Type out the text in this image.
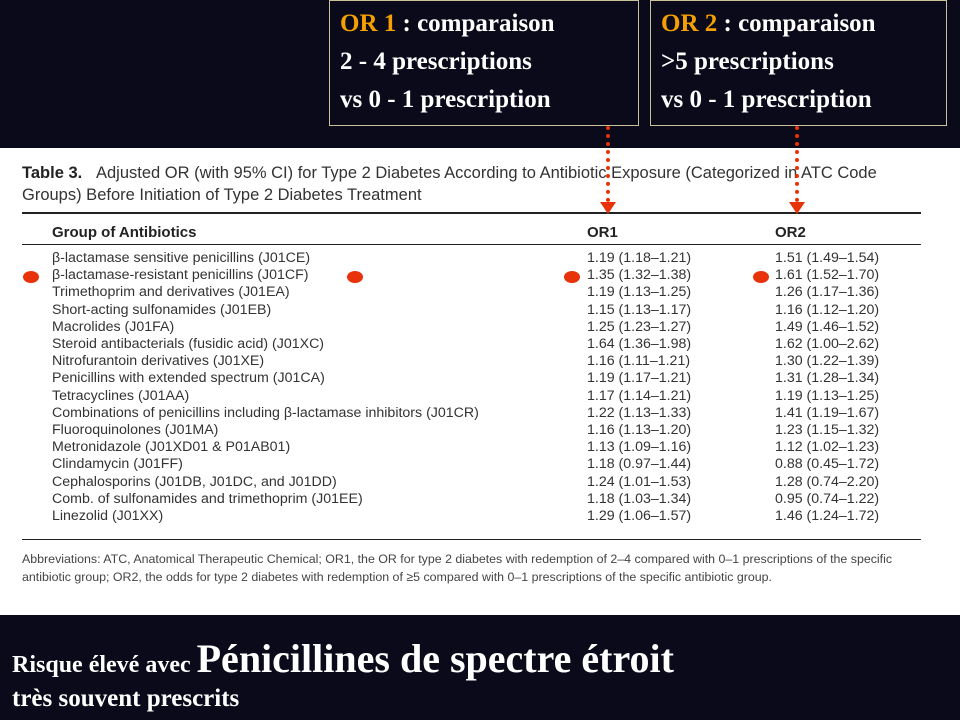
OR 1 : comparaison
2 - 4 prescriptions
vs 0 - 1 prescription
OR 2 : comparaison
>5 prescriptions
vs 0 - 1 prescription
Table 3. Adjusted OR (with 95% CI) for Type 2 Diabetes According to Antibiotic Exposure (Categorized in ATC Code Groups) Before Initiation of Type 2 Diabetes Treatment
Group of Antibiotics	OR1	OR2
β-lactamase sensitive penicillins (J01CE)	1.19 (1.18–1.21)	1.51 (1.49–1.54)
β-lactamase-resistant penicillins (J01CF)	1.35 (1.32–1.38)	1.61 (1.52–1.70)
Trimethoprim and derivatives (J01EA)	1.19 (1.13–1.25)	1.26 (1.17–1.36)
Short-acting sulfonamides (J01EB)	1.15 (1.13–1.17)	1.16 (1.12–1.20)
Macrolides (J01FA)	1.25 (1.23–1.27)	1.49 (1.46–1.52)
Steroid antibacterials (fusidic acid) (J01XC)	1.64 (1.36–1.98)	1.62 (1.00–2.62)
Nitrofurantoin derivatives (J01XE)	1.16 (1.11–1.21)	1.30 (1.22–1.39)
Penicillins with extended spectrum (J01CA)	1.19 (1.17–1.21)	1.31 (1.28–1.34)
Tetracyclines (J01AA)	1.17 (1.14–1.21)	1.19 (1.13–1.25)
Combinations of penicillins including β-lactamase inhibitors (J01CR)	1.22 (1.13–1.33)	1.41 (1.19–1.67)
Fluoroquinolones (J01MA)	1.16 (1.13–1.20)	1.23 (1.15–1.32)
Metronidazole (J01XD01 & P01AB01)	1.13 (1.09–1.16)	1.12 (1.02–1.23)
Clindamycin (J01FF)	1.18 (0.97–1.44)	0.88 (0.45–1.72)
Cephalosporins (J01DB, J01DC, and J01DD)	1.24 (1.01–1.53)	1.28 (0.74–2.20)
Comb. of sulfonamides and trimethoprim (J01EE)	1.18 (1.03–1.34)	0.95 (0.74–1.22)
Linezolid (J01XX)	1.29 (1.06–1.57)	1.46 (1.24–1.72)
Abbreviations: ATC, Anatomical Therapeutic Chemical; OR1, the OR for type 2 diabetes with redemption of 2–4 compared with 0–1 prescriptions of the specific antibiotic group; OR2, the odds for type 2 diabetes with redemption of ≥5 compared with 0–1 prescriptions of the specific antibiotic group.
Risque élevé avec Pénicillines de spectre étroit
très souvent prescrits
